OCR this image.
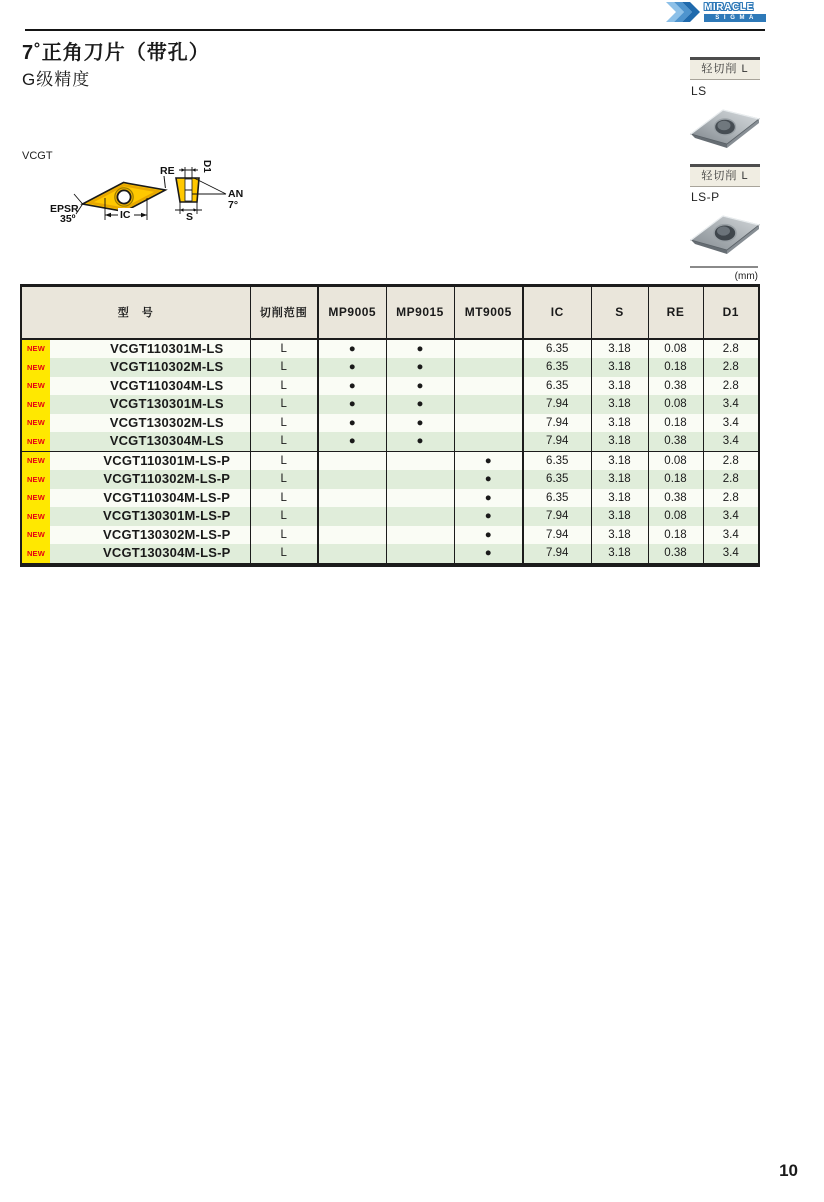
MIRACLE
S I G M A
7˚正角刀片（带孔）
G级精度
VCGT
RE
EPSR
35º	IC
D1
S
AN
7°
轻切削 L
LS
轻切削 L
LS-P
(mm)
型　号	切削范围	MP9005	MP9015	MT9005	IC	S	RE	D1

NEW VCGT110301M-LS	L	●	●		6.35	3.18	0.08	2.8

NEW VCGT110302M-LS	L	●	●		6.35	3.18	0.18	2.8

NEW VCGT110304M-LS	L	●	●		6.35	3.18	0.38	2.8

NEW VCGT130301M-LS	L	●	●		7.94	3.18	0.08	3.4

NEW VCGT130302M-LS	L	●	●		7.94	3.18	0.18	3.4

NEW VCGT130304M-LS	L	●	●		7.94	3.18	0.38	3.4

NEW VCGT110301M-LS-P	L			●	6.35	3.18	0.08	2.8

NEW VCGT110302M-LS-P	L			●	6.35	3.18	0.18	2.8

NEW VCGT110304M-LS-P	L			●	6.35	3.18	0.38	2.8

NEW VCGT130301M-LS-P	L			●	7.94	3.18	0.08	3.4

NEW VCGT130302M-LS-P	L			●	7.94	3.18	0.18	3.4

NEW VCGT130304M-LS-P	L			●	7.94	3.18	0.38	3.4
10
